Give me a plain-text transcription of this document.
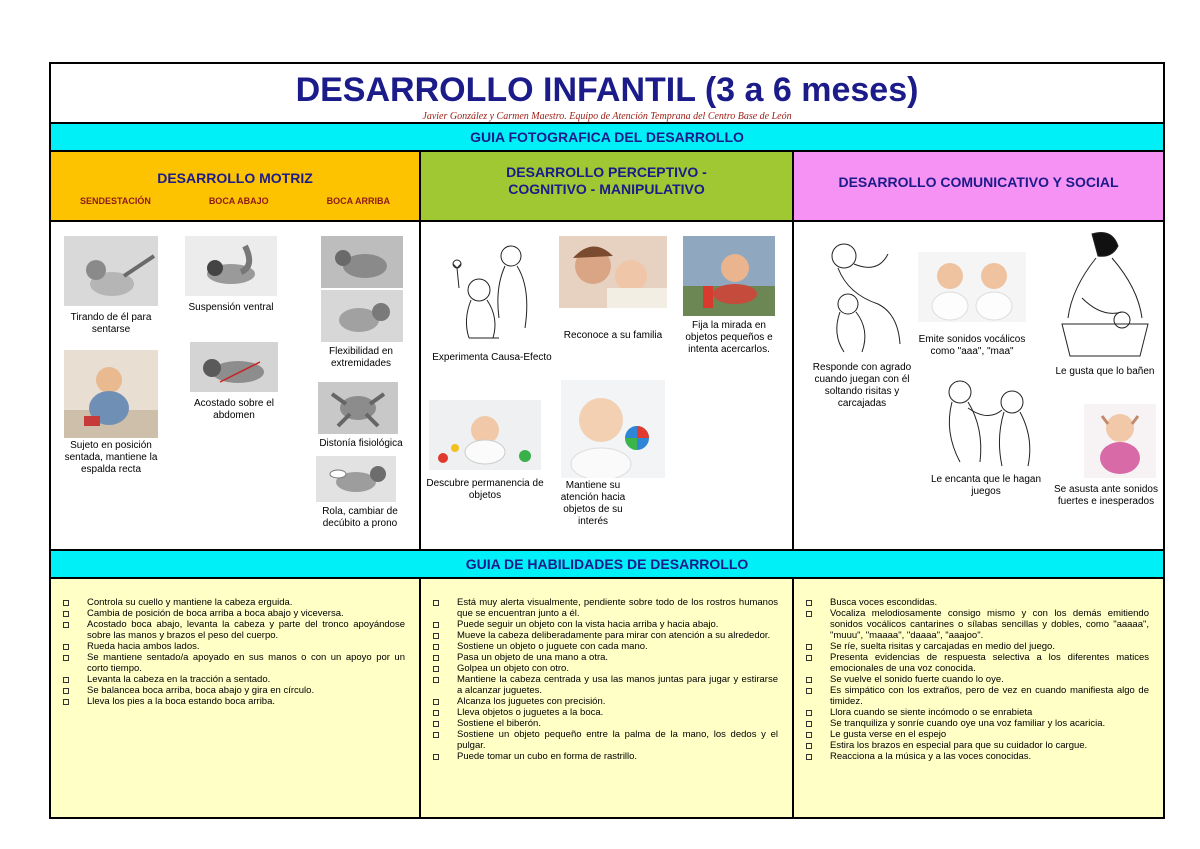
DESARROLLO INFANTIL (3 a 6 meses)
Javier González y Carmen Maestro. Equipo de Atención Temprana del Centro Base de León
GUIA FOTOGRAFICA DEL DESARROLLO
DESARROLLO MOTRIZ
SENDESTACIÓN	BOCA ABAJO	BOCA ARRIBA
DESARROLLO PERCEPTIVO -
COGNITIVO - MANIPULATIVO	DESARROLLO COMUNICATIVO Y SOCIAL
Tirando de él para sentarse
Sujeto en posición sentada, mantiene la espalda recta
Suspensión ventral
Acostado sobre el abdomen
Flexibilidad en extremidades
Distonía fisiológica
Rola, cambiar de decúbito a prono
Experimenta Causa-Efecto
Reconoce a su familia
Fija la mirada en objetos pequeños e intenta acercarlos.
Descubre permanencia de objetos
Mantiene su atención hacia objetos de su interés
Responde con agrado cuando juegan con él soltando risitas y carcajadas
Emite sonidos vocálicos como "aaa", "maa"
Le gusta que lo bañen
Le encanta que le hagan juegos	Se asusta ante sonidos fuertes e inesperados
GUIA DE HABILIDADES DE DESARROLLO
Controla su cuello y mantiene la cabeza erguida.
Cambia de posición de boca arriba a boca abajo y viceversa.
Acostado boca abajo, levanta la cabeza y parte del tronco apoyándose sobre las manos y brazos el peso del cuerpo.
Rueda hacia ambos lados.
Se mantiene sentado/a apoyado en sus manos o con un apoyo por un corto tiempo.
Levanta la cabeza en la tracción a sentado.
Se balancea boca arriba, boca abajo y gira en círculo.
Lleva los pies a la boca estando boca arriba.
Está muy alerta visualmente, pendiente sobre todo de los rostros humanos que se encuentran junto a él.
Puede seguir un objeto con la vista hacia arriba y hacia abajo.
Mueve la cabeza deliberadamente para mirar con atención a su alrededor.
Sostiene un objeto o juguete con cada mano.
Pasa un objeto de una mano a otra.
Golpea un objeto con otro.
Mantiene la cabeza centrada y usa las manos juntas para jugar y estirarse a alcanzar juguetes.
Alcanza los juguetes con precisión.
Lleva objetos o juguetes a la boca.
Sostiene el biberón.
Sostiene un objeto pequeño entre la palma de la mano, los dedos y el pulgar.
Puede tomar un cubo en forma de rastrillo.
Busca voces escondidas.
Vocaliza melodiosamente consigo mismo y con los demás emitiendo sonidos vocálicos cantarines o sílabas sencillas y dobles, como "aaaaa", "muuu", "maaaa", "daaaa", "aaajoo".
Se ríe, suelta risitas y carcajadas en medio del juego.
Presenta evidencias de respuesta selectiva a los diferentes matices emocionales de una voz conocida.
Se vuelve el sonido fuerte cuando lo oye.
Es simpático con los extraños, pero de vez en cuando manifiesta algo de timidez.
Llora cuando se siente incómodo o se enrabieta
Se tranquiliza y sonríe cuando oye una voz familiar y los acaricia.
Le gusta verse en el espejo
Estira los brazos en especial para que su cuidador lo cargue.
Reacciona a la música y a las voces conocidas.
